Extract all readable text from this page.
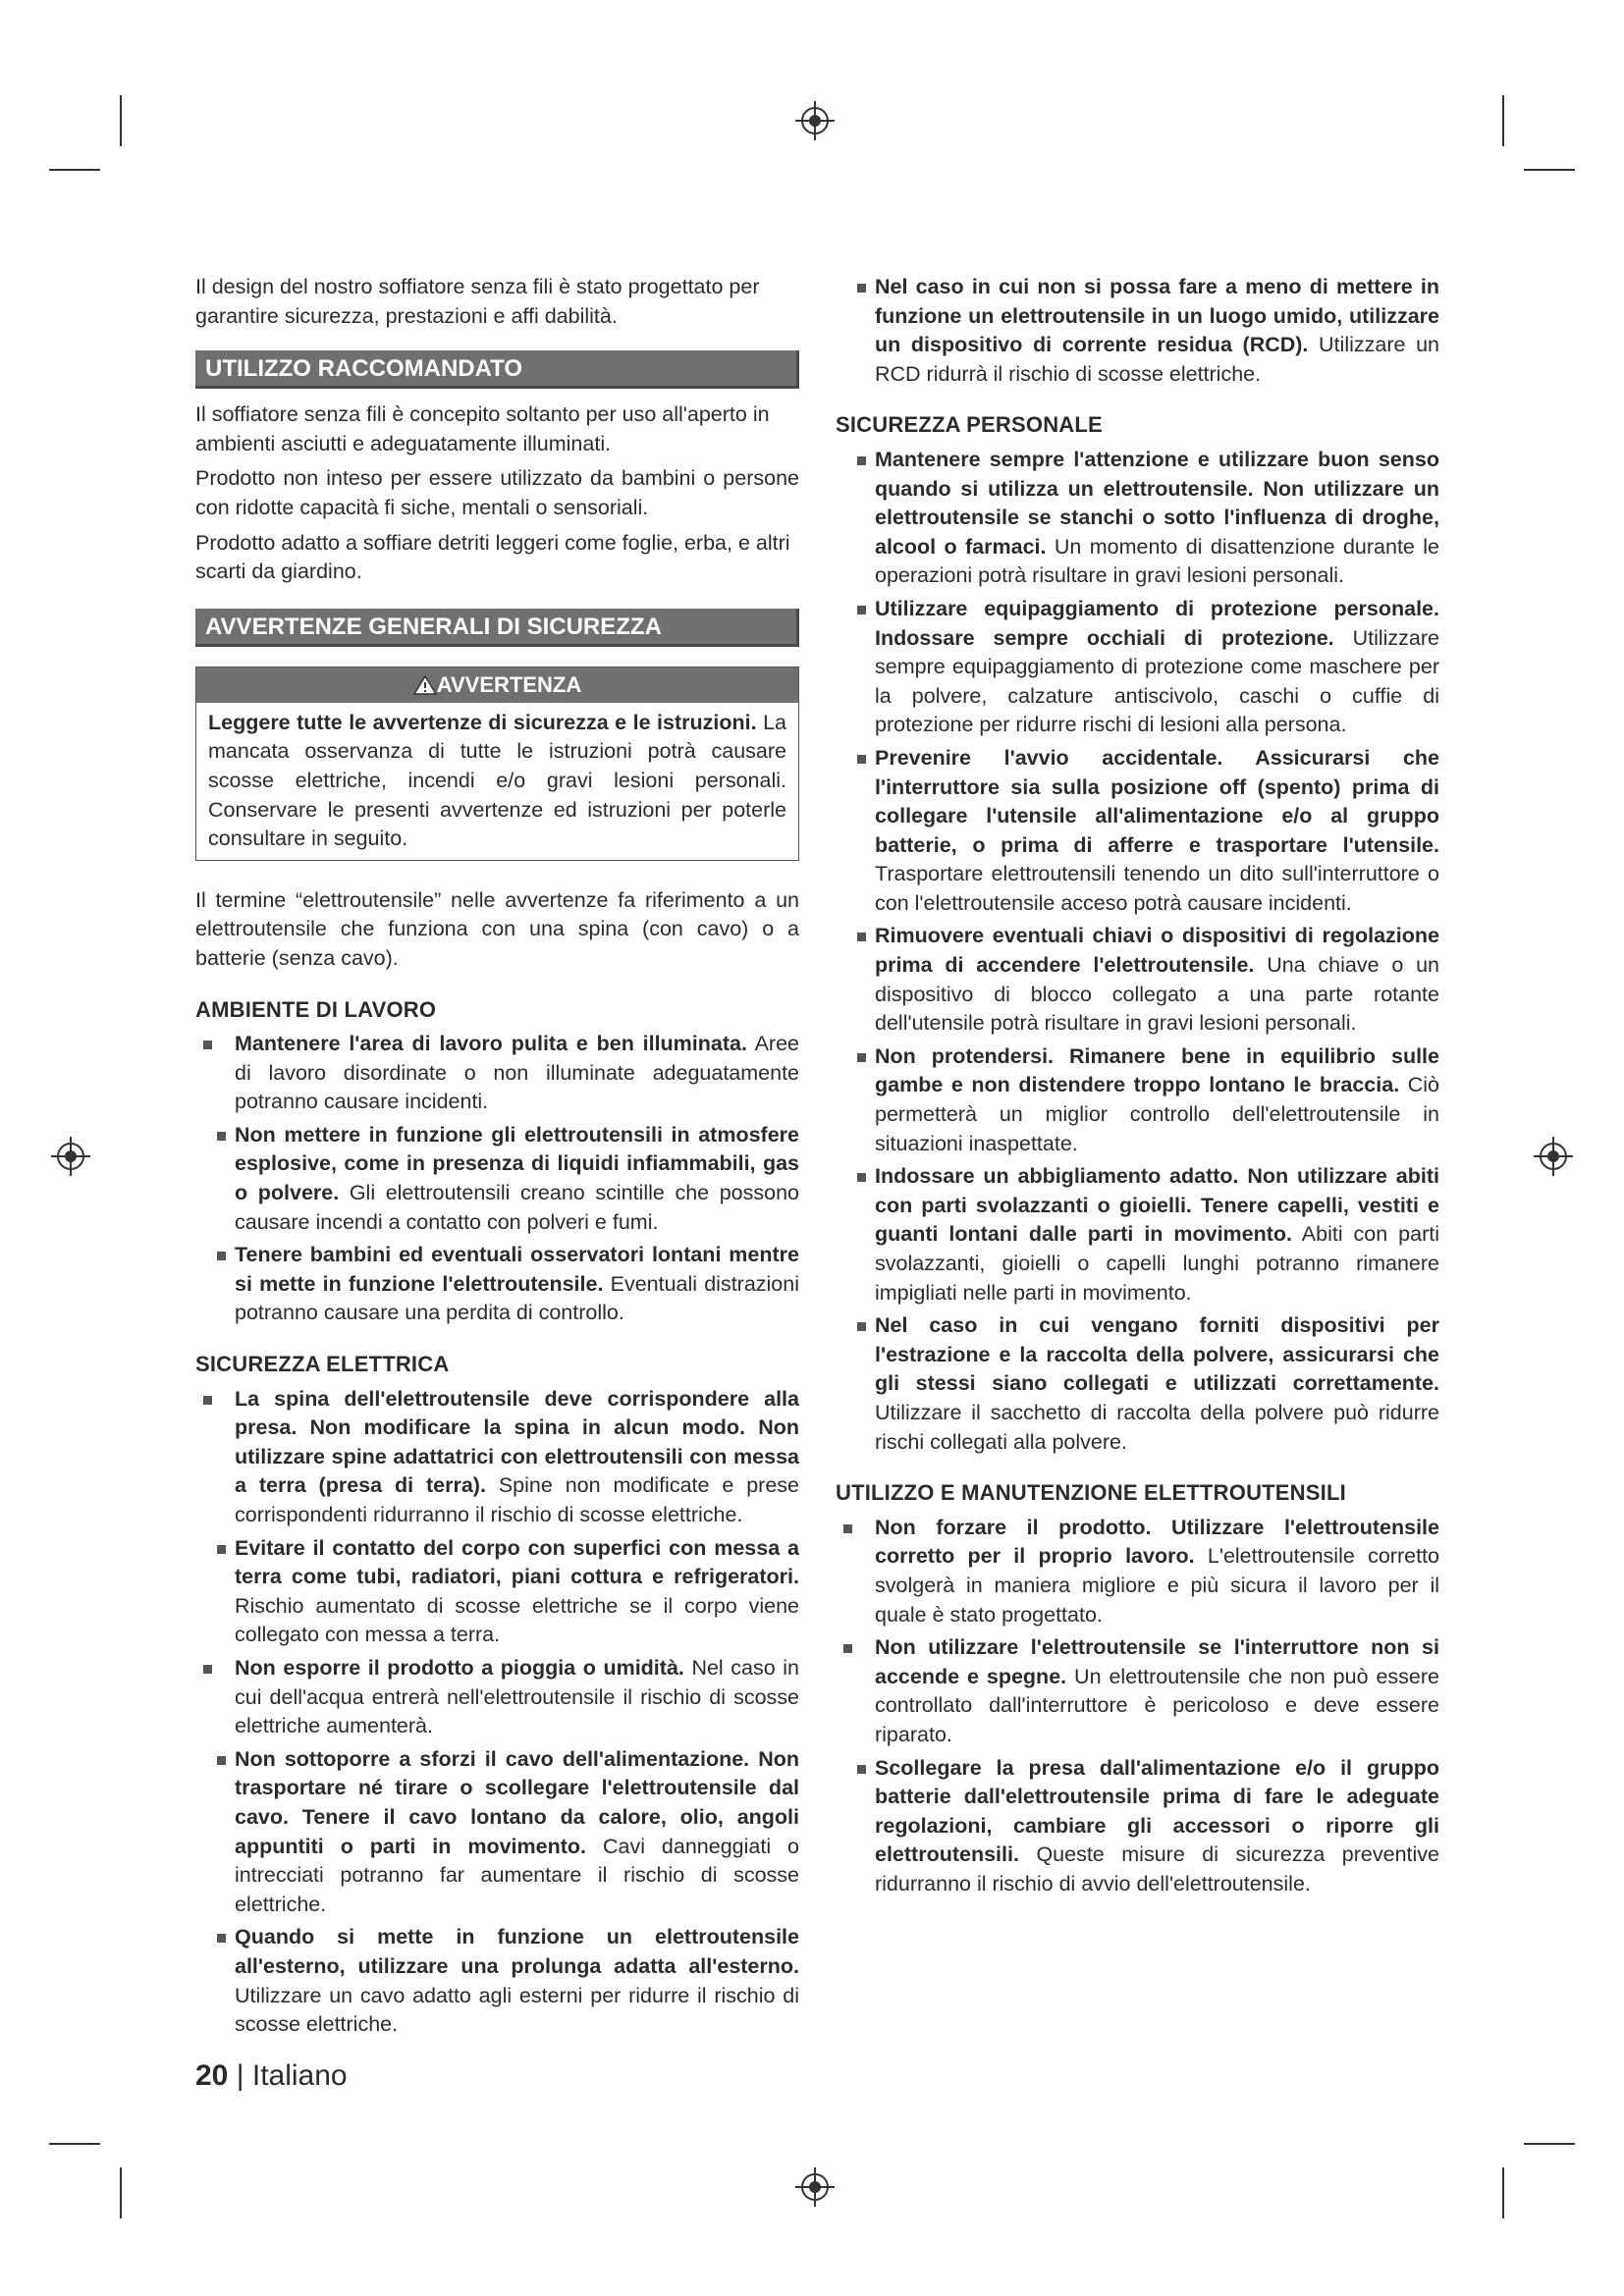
Il design del nostro soffiatore senza fili è stato progettato per garantire sicurezza, prestazioni e affi dabilità.

UTILIZZO RACCOMANDATO

Il soffiatore senza fili è concepito soltanto per uso all'aperto in ambienti asciutti e adeguatamente illuminati.

Prodotto non inteso per essere utilizzato da bambini o persone con ridotte capacità fi siche, mentali o sensoriali.

Prodotto adatto a soffiare detriti leggeri come foglie, erba, e altri scarti da giardino.

AVVERTENZE GENERALI DI SICUREZZA
AVVERTENZA
Leggere tutte le avvertenze di sicurezza e le istruzioni. La mancata osservanza di tutte le istruzioni potrà causare scosse elettriche, incendi e/o gravi lesioni personali. Conservare le presenti avvertenze ed istruzioni per poterle consultare in seguito.

Il termine “elettroutensile” nelle avvertenze fa riferimento a un elettroutensile che funziona con una spina (con cavo) o a batterie (senza cavo).

AMBIENTE DI LAVORO
Mantenere l'area di lavoro pulita e ben illuminata. Aree di lavoro disordinate o non illuminate adeguatamente potranno causare incidenti.
Non mettere in funzione gli elettroutensili in atmosfere esplosive, come in presenza di liquidi infiammabili, gas o polvere. Gli elettroutensili creano scintille che possono causare incendi a contatto con polveri e fumi.
Tenere bambini ed eventuali osservatori lontani mentre si mette in funzione l'elettroutensile. Eventuali distrazioni potranno causare una perdita di controllo.
SICUREZZA ELETTRICA
La spina dell'elettroutensile deve corrispondere alla presa. Non modificare la spina in alcun modo. Non utilizzare spine adattatrici con elettroutensili con messa a terra (presa di terra). Spine non modificate e prese corrispondenti ridurranno il rischio di scosse elettriche.
Evitare il contatto del corpo con superfici con messa a terra come tubi, radiatori, piani cottura e refrigeratori. Rischio aumentato di scosse elettriche se il corpo viene collegato con messa a terra.
Non esporre il prodotto a pioggia o umidità. Nel caso in cui dell'acqua entrerà nell'elettroutensile il rischio di scosse elettriche aumenterà.
Non sottoporre a sforzi il cavo dell'alimentazione. Non trasportare né tirare o scollegare l'elettroutensile dal cavo. Tenere il cavo lontano da calore, olio, angoli appuntiti o parti in movimento. Cavi danneggiati o intrecciati potranno far aumentare il rischio di scosse elettriche.
Quando si mette in funzione un elettroutensile all'esterno, utilizzare una prolunga adatta all'esterno. Utilizzare un cavo adatto agli esterni per ridurre il rischio di scosse elettriche.
Nel caso in cui non si possa fare a meno di mettere in funzione un elettroutensile in un luogo umido, utilizzare un dispositivo di corrente residua (RCD). Utilizzare un RCD ridurrà il rischio di scosse elettriche.
SICUREZZA PERSONALE
Mantenere sempre l'attenzione e utilizzare buon senso quando si utilizza un elettroutensile. Non utilizzare un elettroutensile se stanchi o sotto l'influenza di droghe, alcool o farmaci. Un momento di disattenzione durante le operazioni potrà risultare in gravi lesioni personali.
Utilizzare equipaggiamento di protezione personale. Indossare sempre occhiali di protezione. Utilizzare sempre equipaggiamento di protezione come maschere per la polvere, calzature antiscivolo, caschi o cuffie di protezione per ridurre rischi di lesioni alla persona.
Prevenire l'avvio accidentale. Assicurarsi che l'interruttore sia sulla posizione off (spento) prima di collegare l'utensile all'alimentazione e/o al gruppo batterie, o prima di afferre e trasportare l'utensile. Trasportare elettroutensili tenendo un dito sull'interruttore o con l'elettroutensile acceso potrà causare incidenti.
Rimuovere eventuali chiavi o dispositivi di regolazione prima di accendere l'elettroutensile. Una chiave o un dispositivo di blocco collegato a una parte rotante dell'utensile potrà risultare in gravi lesioni personali.
Non protendersi. Rimanere bene in equilibrio sulle gambe e non distendere troppo lontano le braccia. Ciò permetterà un miglior controllo dell'elettroutensile in situazioni inaspettate.
Indossare un abbigliamento adatto. Non utilizzare abiti con parti svolazzanti o gioielli. Tenere capelli, vestiti e guanti lontani dalle parti in movimento. Abiti con parti svolazzanti, gioielli o capelli lunghi potranno rimanere impigliati nelle parti in movimento.
Nel caso in cui vengano forniti dispositivi per l'estrazione e la raccolta della polvere, assicurarsi che gli stessi siano collegati e utilizzati correttamente. Utilizzare il sacchetto di raccolta della polvere può ridurre rischi collegati alla polvere.
UTILIZZO E MANUTENZIONE ELETTROUTENSILI
Non forzare il prodotto. Utilizzare l'elettroutensile corretto per il proprio lavoro. L'elettroutensile corretto svolgerà in maniera migliore e più sicura il lavoro per il quale è stato progettato.
Non utilizzare l'elettroutensile se l'interruttore non si accende e spegne. Un elettroutensile che non può essere controllato dall'interruttore è pericoloso e deve essere riparato.
Scollegare la presa dall'alimentazione e/o il gruppo batterie dall'elettroutensile prima di fare le adeguate regolazioni, cambiare gli accessori o riporre gli elettroutensili. Queste misure di sicurezza preventive ridurranno il rischio di avvio dell'elettroutensile.
20 | Italiano
